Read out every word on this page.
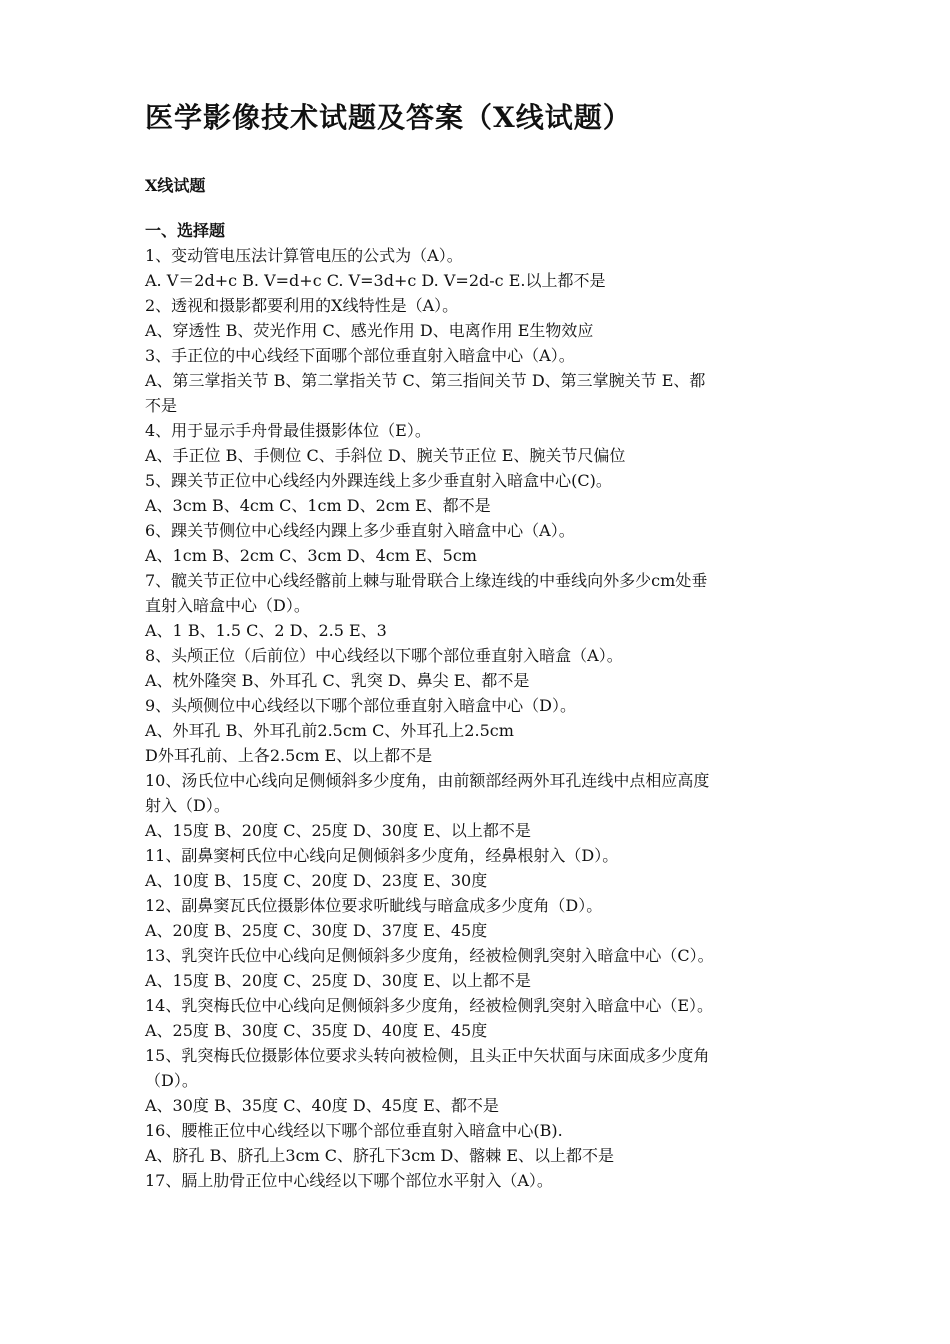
医学影像技术试题及答案（X线试题）
X线试题
一、选择题
1、变动管电压法计算管电压的公式为（A）。
A. V＝2d+c B. V=d+c C. V=3d+c D. V=2d-c E.以上都不是
2、透视和摄影都要利用的X线特性是（A）。
A、穿透性 B、荧光作用 C、感光作用 D、电离作用 E生物效应
3、手正位的中心线经下面哪个部位垂直射入暗盒中心（A）。
A、第三掌指关节 B、第二掌指关节 C、第三指间关节 D、第三掌腕关节 E、都
不是
4、用于显示手舟骨最佳摄影体位（E）。
A、手正位 B、手侧位 C、手斜位 D、腕关节正位 E、腕关节尺偏位
5、踝关节正位中心线经内外踝连线上多少垂直射入暗盒中心(C)。
A、3cm B、4cm C、1cm D、2cm E、都不是
6、踝关节侧位中心线经内踝上多少垂直射入暗盒中心（A）。
A、1cm B、2cm C、3cm D、4cm E、5cm
7、髋关节正位中心线经髂前上棘与耻骨联合上缘连线的中垂线向外多少cm处垂
直射入暗盒中心（D）。
A、1 B、1.5 C、2 D、2.5 E、3
8、头颅正位（后前位）中心线经以下哪个部位垂直射入暗盒（A）。
A、枕外隆突 B、外耳孔 C、乳突 D、鼻尖 E、都不是
9、头颅侧位中心线经以下哪个部位垂直射入暗盒中心（D）。
A、外耳孔 B、外耳孔前2.5cm C、外耳孔上2.5cm
D外耳孔前、上各2.5cm E、以上都不是
10、汤氏位中心线向足侧倾斜多少度角，由前额部经两外耳孔连线中点相应高度
射入（D）。
A、15度 B、20度 C、25度 D、30度 E、以上都不是
11、副鼻窦柯氏位中心线向足侧倾斜多少度角，经鼻根射入（D）。
A、10度 B、15度 C、20度 D、23度 E、30度
12、副鼻窦瓦氏位摄影体位要求听眦线与暗盒成多少度角（D）。
A、20度 B、25度 C、30度 D、37度 E、45度
13、乳突许氏位中心线向足侧倾斜多少度角，经被检侧乳突射入暗盒中心（C）。
A、15度 B、20度 C、25度 D、30度 E、以上都不是
14、乳突梅氏位中心线向足侧倾斜多少度角，经被检侧乳突射入暗盒中心（E）。
A、25度 B、30度 C、35度 D、40度 E、45度
15、乳突梅氏位摄影体位要求头转向被检侧，且头正中矢状面与床面成多少度角
（D）。
A、30度 B、35度 C、40度 D、45度 E、都不是
16、腰椎正位中心线经以下哪个部位垂直射入暗盒中心(B).
A、脐孔 B、脐孔上3cm C、脐孔下3cm D、髂棘 E、以上都不是
17、膈上肋骨正位中心线经以下哪个部位水平射入（A）。
